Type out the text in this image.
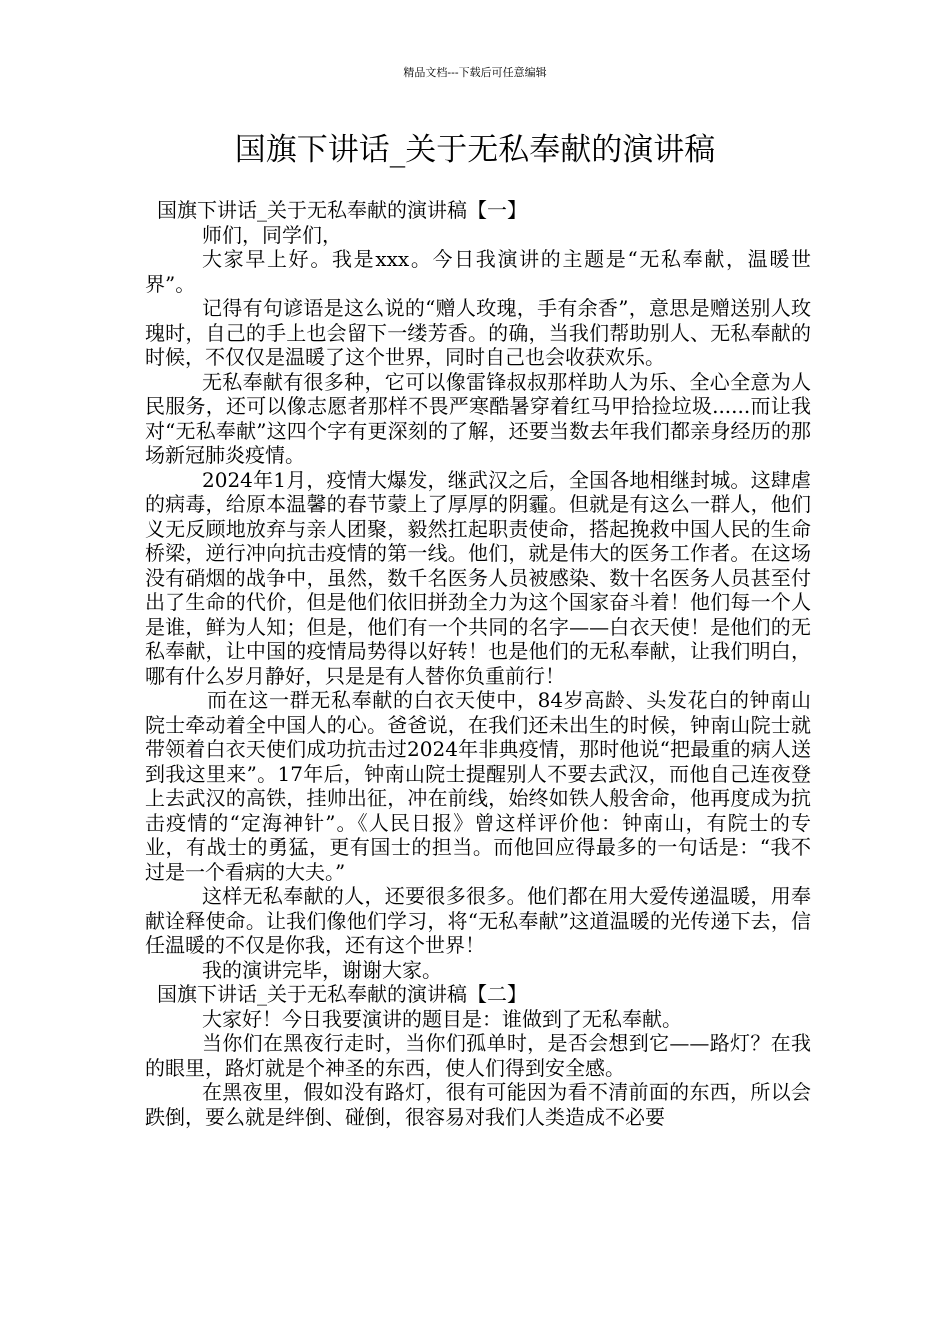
精品文档---下载后可任意编辑
国旗下讲话_关于无私奉献的演讲稿

国旗下讲话_关于无私奉献的演讲稿【一】

师们，同学们，

大家早上好。我是xxx。今日我演讲的主题是“无私奉献，温暖世界”。

记得有句谚语是这么说的“赠人玫瑰，手有余香”，意思是赠送别人玫瑰时，自己的手上也会留下一缕芳香。的确，当我们帮助别人、无私奉献的时候，不仅仅是温暖了这个世界，同时自己也会收获欢乐。

无私奉献有很多种，它可以像雷锋叔叔那样助人为乐、全心全意为人民服务，还可以像志愿者那样不畏严寒酷暑穿着红马甲拾捡垃圾......而让我对“无私奉献”这四个字有更深刻的了解，还要当数去年我们都亲身经历的那场新冠肺炎疫情。

2024年1月，疫情大爆发，继武汉之后，全国各地相继封城。这肆虐的病毒，给原本温馨的春节蒙上了厚厚的阴霾。但就是有这么一群人，他们义无反顾地放弃与亲人团聚，毅然扛起职责使命，搭起挽救中国人民的生命桥梁，逆行冲向抗击疫情的第一线。他们，就是伟大的医务工作者。在这场没有硝烟的战争中，虽然，数千名医务人员被感染、数十名医务人员甚至付出了生命的代价，但是他们依旧拼劲全力为这个国家奋斗着！他们每一个人是谁，鲜为人知；但是，他们有一个共同的名字——白衣天使！是他们的无私奉献，让中国的疫情局势得以好转！也是他们的无私奉献，让我们明白，哪有什么岁月静好，只是是有人替你负重前行！

而在这一群无私奉献的白衣天使中，84岁高龄、头发花白的钟南山院士牵动着全中国人的心。爸爸说，在我们还未出生的时候，钟南山院士就带领着白衣天使们成功抗击过2024年非典疫情，那时他说“把最重的病人送到我这里来”。17年后，钟南山院士提醒别人不要去武汉，而他自己连夜登上去武汉的高铁，挂帅出征，冲在前线，始终如铁人般舍命，他再度成为抗击疫情的“定海神针”。《人民日报》曾这样评价他：钟南山，有院士的专业，有战士的勇猛，更有国士的担当。而他回应得最多的一句话是：“我不过是一个看病的大夫。”

这样无私奉献的人，还要很多很多。他们都在用大爱传递温暖，用奉献诠释使命。让我们像他们学习，将“无私奉献”这道温暖的光传递下去，信任温暖的不仅是你我，还有这个世界！

我的演讲完毕，谢谢大家。

国旗下讲话_关于无私奉献的演讲稿【二】

大家好！今日我要演讲的题目是：谁做到了无私奉献。

当你们在黑夜行走时，当你们孤单时，是否会想到它——路灯？在我的眼里，路灯就是个神圣的东西，使人们得到安全感。

在黑夜里，假如没有路灯，很有可能因为看不清前面的东西，所以会跌倒，要么就是绊倒、碰倒，很容易对我们人类造成不必要
